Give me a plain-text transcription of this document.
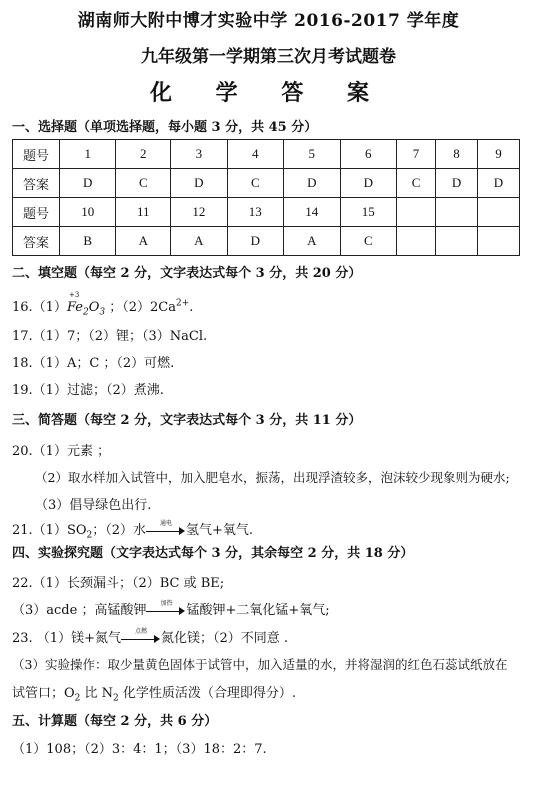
湖南师大附中博才实验中学 2016-2017 学年度
九年级第一学期第三次月考试题卷
化 学 答 案
一、选择题（单项选择题，每小题 3 分，共 45 分）
题号	1	2	3	4	5	6	7	8	9
答案	D	C	D	C	D	D	C	D	D
题号	10	11	12	13	14	15			
答案	B	A	A	D	A	C			
二、填空题（每空 2 分，文字表达式每个 3 分，共 20 分）
16.（1）
+3
$Fe_2O_3$ ；$(2)2Ca^{2+}$.
17.（1）7；（2）锂；（3）NaCl.
18.（1）A；C ；（2）可燃.
19.（1）过滤；（2）煮沸.
三、简答题（每空 2 分，文字表达式每个 3 分，共 11 分）
20.（1）元素 ；
（2）取水样加入试管中，加入肥皂水，振荡，出现浮渣较多，泡沫较少现象则为硬水;
（3）倡导绿色出行.
$21.(1)SO_2$；（2）水	通电	氢气+氧气.
四、实验探究题（文字表达式每个 3 分，其余每空 2 分，共 18 分）
22.（1）长颈漏斗；（2）BC 或 BE;
（3）acde ；高锰酸钾	加热	锰酸钾+二氧化锰+氧气;
23. （1）镁+氮气	点燃	氮化镁；（2）不同意 .
（3）实验操作：取少量黄色固体于试管中，加入适量的水，并将湿润的红色石蕊试纸放在
试管口；$O_2$ 比 $N_2$ 化学性质活泼（合理即得分）.
五、计算题（每空 2 分，共 6 分）
（1）108；（2）3：4：1；（3）18：2：7.
